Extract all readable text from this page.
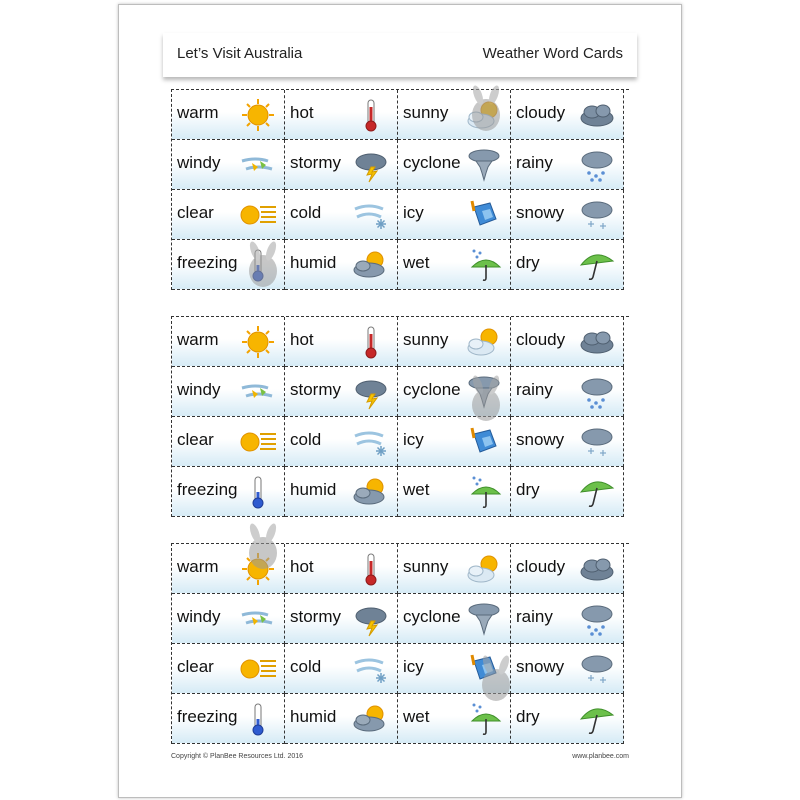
Let’s Visit Australia	Weather Word Cards
warm	hot	sunny	cloudy
windy	stormy	cyclone	rainy
clear	cold	icy	snowy
freezing	humid	wet	dry
warm	hot	sunny	cloudy
windy	stormy	cyclone	rainy
clear	cold	icy	snowy
freezing	humid	wet	dry
warm	hot	sunny	cloudy
windy	stormy	cyclone	rainy
clear	cold	icy	snowy
freezing	humid	wet	dry
Copyright © PlanBee Resources Ltd. 2016	www.planbee.com
